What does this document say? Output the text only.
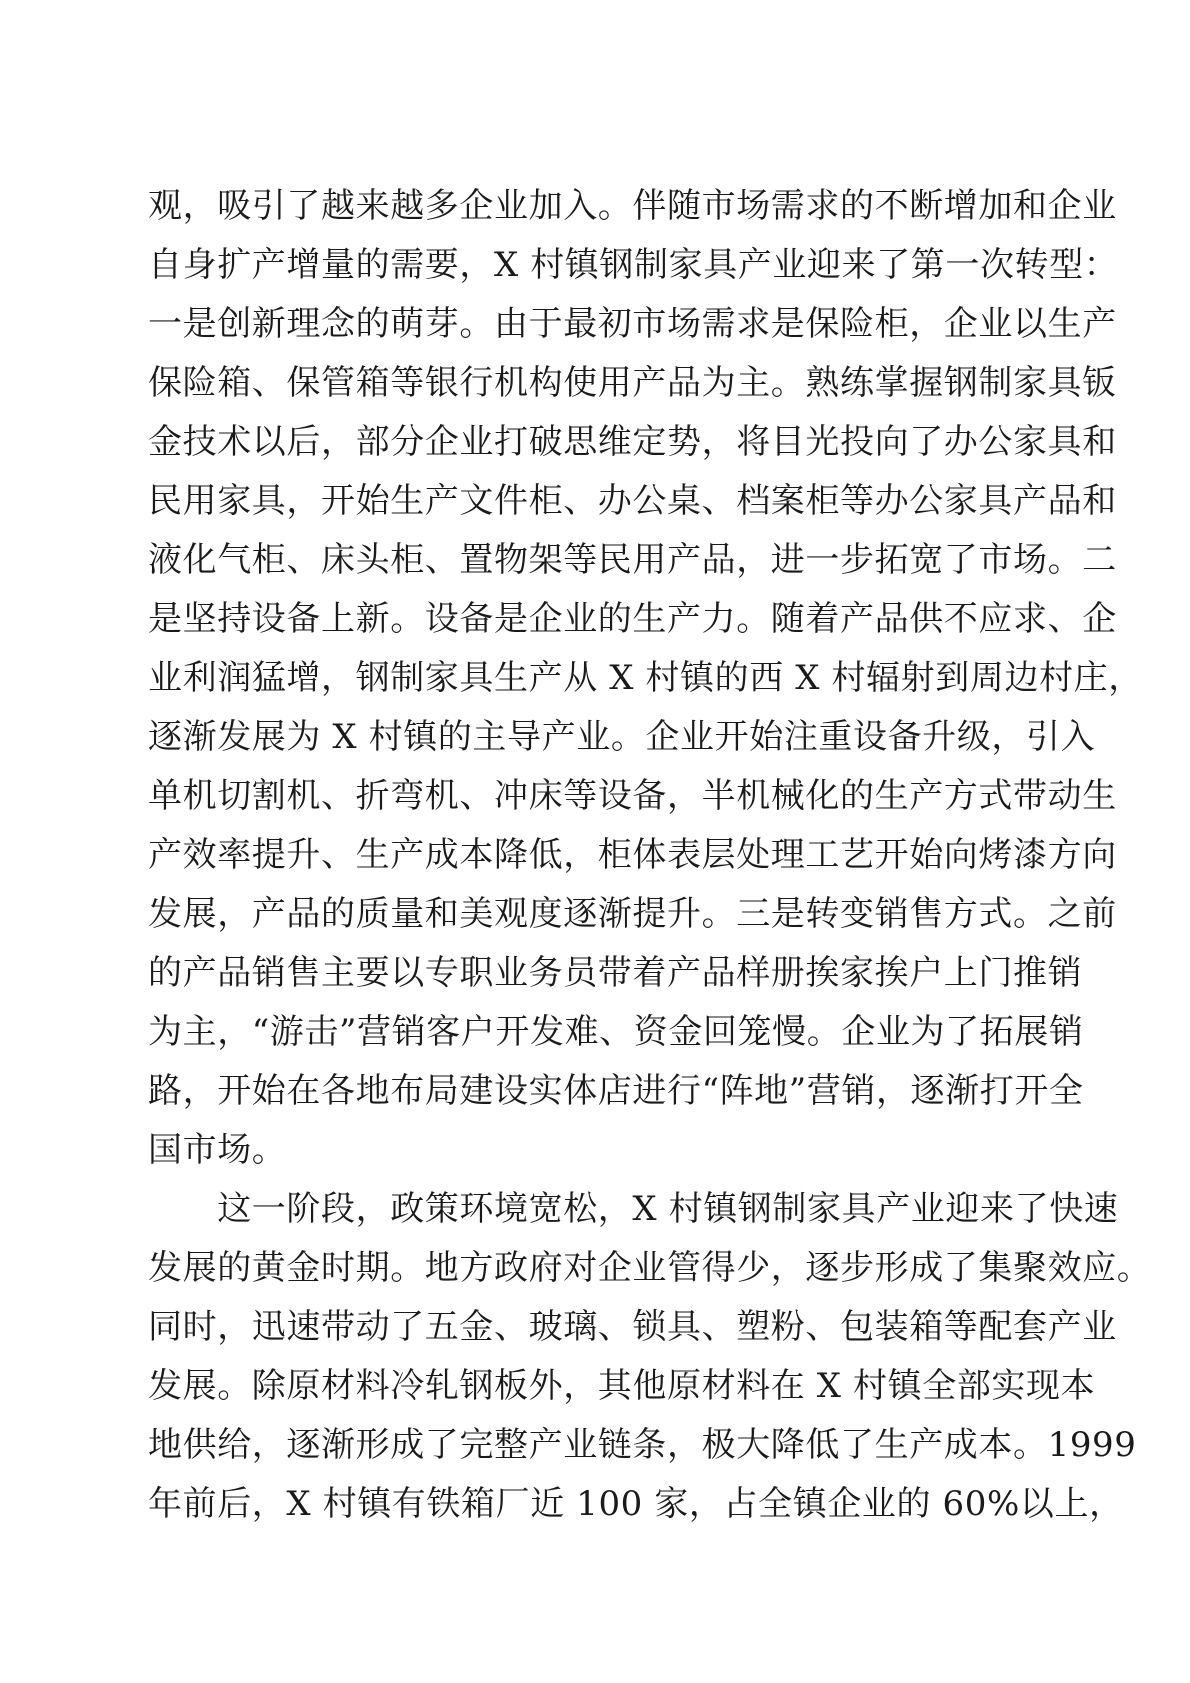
观，吸引了越来越多企业加入。伴随市场需求的不断增加和企业
自身扩产增量的需要，X 村镇钢制家具产业迎来了第一次转型：
一是创新理念的萌芽。由于最初市场需求是保险柜，企业以生产
保险箱、保管箱等银行机构使用产品为主。熟练掌握钢制家具钣
金技术以后，部分企业打破思维定势，将目光投向了办公家具和
民用家具，开始生产文件柜、办公桌、档案柜等办公家具产品和
液化气柜、床头柜、置物架等民用产品，进一步拓宽了市场。二
是坚持设备上新。设备是企业的生产力。随着产品供不应求、企
业利润猛增，钢制家具生产从 X 村镇的西 X 村辐射到周边村庄，
逐渐发展为 X 村镇的主导产业。企业开始注重设备升级，引入
单机切割机、折弯机、冲床等设备，半机械化的生产方式带动生
产效率提升、生产成本降低，柜体表层处理工艺开始向烤漆方向
发展，产品的质量和美观度逐渐提升。三是转变销售方式。之前
的产品销售主要以专职业务员带着产品样册挨家挨户上门推销
为主，“游击”营销客户开发难、资金回笼慢。企业为了拓展销
路，开始在各地布局建设实体店进行“阵地”营销，逐渐打开全
国市场。
　　这一阶段，政策环境宽松，X 村镇钢制家具产业迎来了快速
发展的黄金时期。地方政府对企业管得少，逐步形成了集聚效应。
同时，迅速带动了五金、玻璃、锁具、塑粉、包装箱等配套产业
发展。除原材料冷轧钢板外，其他原材料在 X 村镇全部实现本
地供给，逐渐形成了完整产业链条，极大降低了生产成本。1999
年前后，X 村镇有铁箱厂近 100 家，占全镇企业的 60%以上，
